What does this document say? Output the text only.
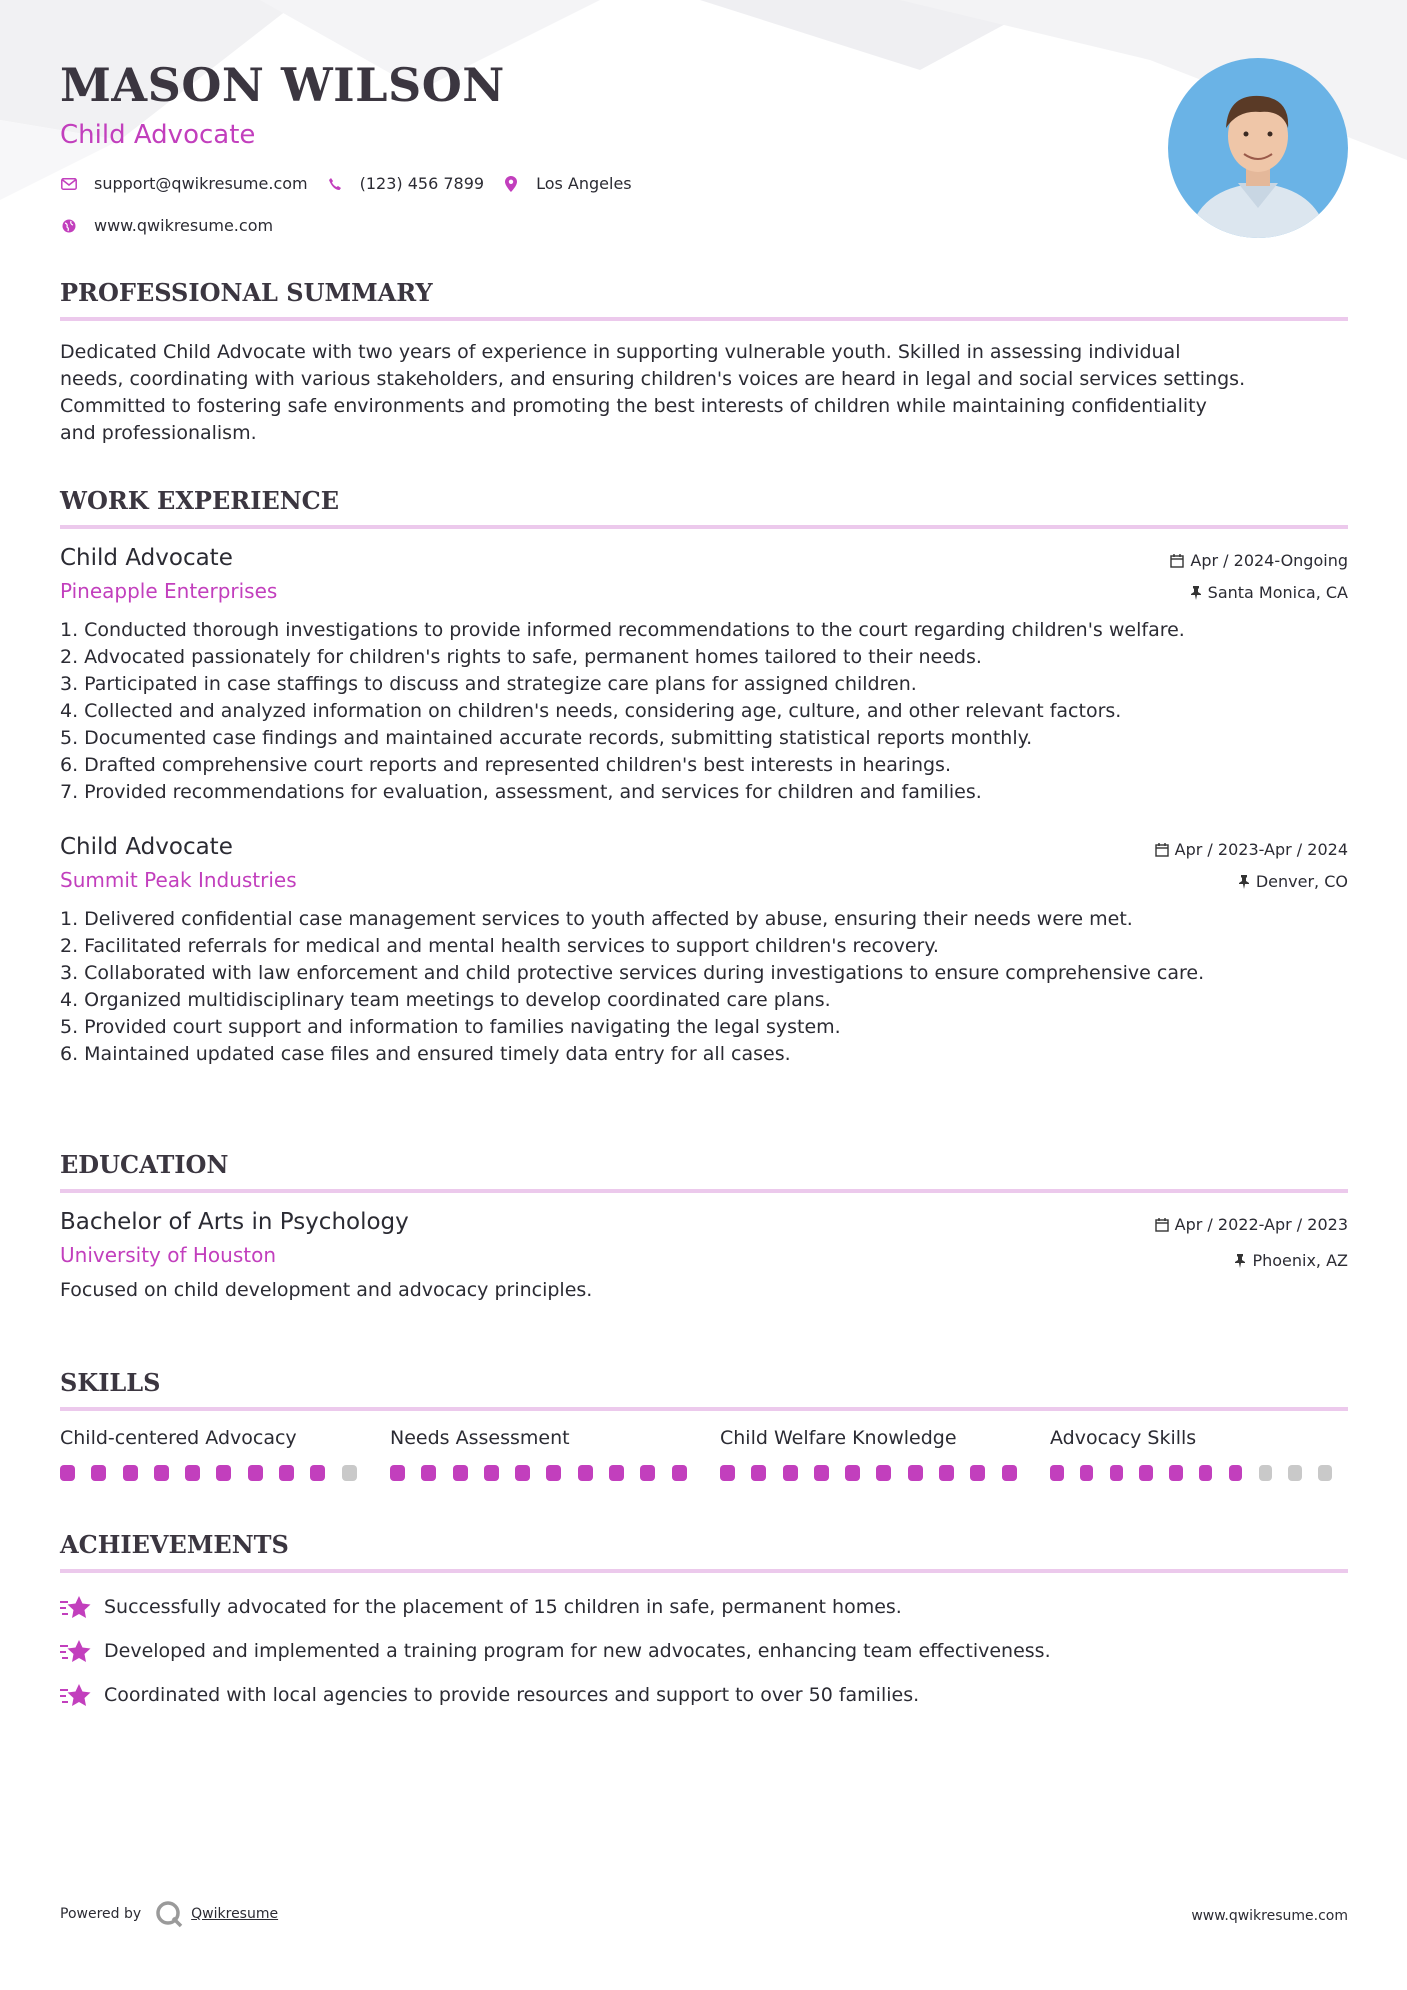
MASON WILSON
Child Advocate
support@qwikresume.com	(123) 456 7899	Los Angeles
www.qwikresume.com
PROFESSIONAL SUMMARY
Dedicated Child Advocate with two years of experience in supporting vulnerable youth. Skilled in assessing individual
needs, coordinating with various stakeholders, and ensuring children's voices are heard in legal and social services settings.
Committed to fostering safe environments and promoting the best interests of children while maintaining confidentiality
and professionalism.
WORK EXPERIENCE
Child Advocate
Pineapple Enterprises
Apr / 2024-Ongoing
Santa Monica, CA
1. Conducted thorough investigations to provide informed recommendations to the court regarding children's welfare.
2. Advocated passionately for children's rights to safe, permanent homes tailored to their needs.
3. Participated in case staffings to discuss and strategize care plans for assigned children.
4. Collected and analyzed information on children's needs, considering age, culture, and other relevant factors.
5. Documented case findings and maintained accurate records, submitting statistical reports monthly.
6. Drafted comprehensive court reports and represented children's best interests in hearings.
7. Provided recommendations for evaluation, assessment, and services for children and families.
Child Advocate
Summit Peak Industries
Apr / 2023-Apr / 2024
Denver, CO
1. Delivered confidential case management services to youth affected by abuse, ensuring their needs were met.
2. Facilitated referrals for medical and mental health services to support children's recovery.
3. Collaborated with law enforcement and child protective services during investigations to ensure comprehensive care.
4. Organized multidisciplinary team meetings to develop coordinated care plans.
5. Provided court support and information to families navigating the legal system.
6. Maintained updated case files and ensured timely data entry for all cases.
EDUCATION
Bachelor of Arts in Psychology
University of Houston
Apr / 2022-Apr / 2023
Phoenix, AZ
Focused on child development and advocacy principles.
SKILLS
Child-centered Advocacy	Needs Assessment	Child Welfare Knowledge	Advocacy Skills
ACHIEVEMENTS
Successfully advocated for the placement of 15 children in safe, permanent homes.
Developed and implemented a training program for new advocates, enhancing team effectiveness.
Coordinated with local agencies to provide resources and support to over 50 families.
Powered by	Qwikresume	www.qwikresume.com
